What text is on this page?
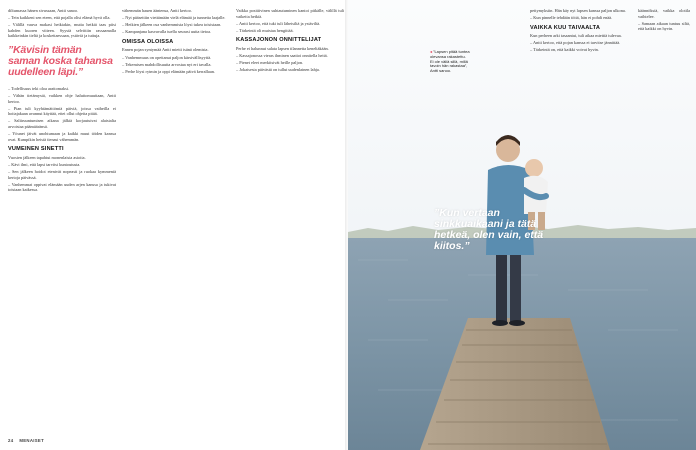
diltumassa hänen sivussaan, Antti sanoo.

– Tein kaikkeni sen eteen, että pojalla olisi elämä hyvä olla.

– Välillä vauva makasi hetkiakin, mutta hetkiä taas piisi kahden kuoren viiteen. Syystä selvittiin rassaamalla kaikkeinkin tieltä ja koskettaessaan, ystäviä ja tuttuja.

”Kävisin tämän saman koska tahansa uudelleen läpi.”

– Todellisuus teki oloa arattomaksi.

– Vähän tietämystä, vaikken ohje haluttomuuttaan, Antti kertoo.

– Pian tuli kyyhtämättömiä päiviä, joissa vaiheilla ei hoitajakaan avannut käyttää, ettei ollut ohjeita pitää.

– Saliiruuntumisen aikana jälkiä korjautuivat alaistalta arvoistaa päämääränsä.

– Yöunet jäivät unohtumaan ja kaikki muut töiden kanssa ovat. Kumpikin heistä tienasi vähemmän.

VUMEINEN SINETTI

Vuosien jälkeen tapahtui monenlaisia asioita.

– Kävi ilmi, että lapsi tarvitsi kuntoutusta.

– Sen jälkeen hoidot etenivät nopeasti ja ruokaa kymmeniä kertoja päivässä.

– Vanhemmat oppivat elämään uuden arjen kanssa ja tukivat toisiaan kaikessa.

vähemmän hauen ääntensa, Antti kertoo.

– Nyt pääsettiin viettämään vielä elämää ja tunnetta laajalle.

– Hetkien jälkeen osa vanhemmista löysi tukea toisistaan.

– Kampanjana kasvavalla tuella seurasi uutta tietoa.

OMISSA OLOISSA

Ennen pojan syntymää Antti mietti isänä olemista.

– Vanhemmuus on opettanut paljon kärsivällisyyttä.

– Tekemisen mahdollisuutta arvostaa nyt eri tavalla.

– Perhe löysi rytmin ja oppi elämään päivä kerrallaan.

Vaikka positiivinen suhtautuminen kantoi pitkälle, välillä tuli vaikeita hetkiä.

– Antti kertoo, että tuki tuli läheisiltä ja ystäviltä.

– Tärkeintä oli muistaa hengittää.

KASSAJONON ONNITTELIJAT

Perhe ei halunnut salata lapsen tilannetta keneltäkään.

– Kassajonossa vieras ihminen saattoi onnitella heitä.

– Pienet eleet merkitsivät heille paljon.

– Jokaisesta päivästä on tullut uudenlainen lahja.

24 MENAISET
◂ ”Lapsen pitää tuntea olevansa rakastettu. Ei ole väliä sillä, millä tavoin hän rakastaa”, Antti sanoo.

pettymyksiin. Hän käy nyt lapsen kanssa paljon ulkona.

– Kun pinnelle tehdään töitä, hän ei pohdi enää.

VAIKKA KUU TAIVAALTA

Kun perheen arki tasaantui, tuli aikaa miettiä tulevaa.

– Antti kertoo, että pojan kanssa ei tarvitse jännittää.

– Tärkeintä on, että kaikki voivat hyvin.

käännöksiä, vaikka olotila vaihtelee.

– Samaan aikaan tuntuu siltä, että kaikki on hyvin.

”Kun vertaan sinkkuaikaani ja tätä hetkeä, olen vain, että kiitos.”
